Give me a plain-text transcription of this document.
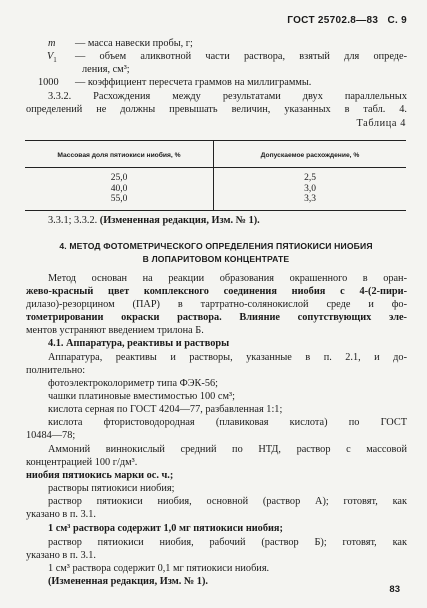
ГОСТ 25702.8—83 С. 9
m — масса навески пробы, г;
$V_1$ — объем аликвотной части раствора, взятый для опреде-
ления, см³;
1000 — коэффициент пересчета граммов на миллиграммы.
3.3.2. Расхождения между результатами двух параллельных
определений не должны превышать величин, указанных в табл. 4.
Таблица 4
Массовая доля пятиокиси ниобия, %	Допускаемое расхождение, %
25,0
40,0
55,0
2,5
3,0
3,3
3.3.1; 3.3.2. (Измененная редакция, Изм. № 1).
4. МЕТОД ФОТОМЕТРИЧЕСКОГО ОПРЕДЕЛЕНИЯ ПЯТИОКИСИ НИОБИЯ
В ЛОПАРИТОВОМ КОНЦЕНТРАТЕ
Метод основан на реакции образования окрашенного в оран-
жево-красный цвет комплексного соединения ниобия с 4-(2-пири-
дилазо)-резорцином (ПАР) в тартратно-солянокислой среде и фо-
тометрировании окраски раствора. Влияние сопутствующих эле-
ментов устраняют введением трилона Б.
4.1. Аппаратура, реактивы и растворы
Аппаратура, реактивы и растворы, указанные в п. 2.1, и до-
полнительно:
фотоэлектроколориметр типа ФЭК-56;
чашки платиновые вместимостью 100 см³;
кислота серная по ГОСТ 4204—77, разбавленная 1:1;
кислота фтористоводородная (плавиковая кислота) по ГОСТ
10484—78;
Аммоний виннокислый средний по НТД, раствор с массовой
концентрацией 100 г/дм³.
ниобия пятиокись марки ос. ч.;
растворы пятиокиси ниобия;
раствор пятиокиси ниобия, основной (раствор А); готовят, как
указано в п. 3.1.
1 см³ раствора содержит 1,0 мг пятиокиси ниобия;
раствор пятиокиси ниобия, рабочий (раствор Б); готовят, как
указано в п. 3.1.
1 см³ раствора содержит 0,1 мг пятиокиси ниобия.
(Измененная редакция, Изм. № 1).
83
